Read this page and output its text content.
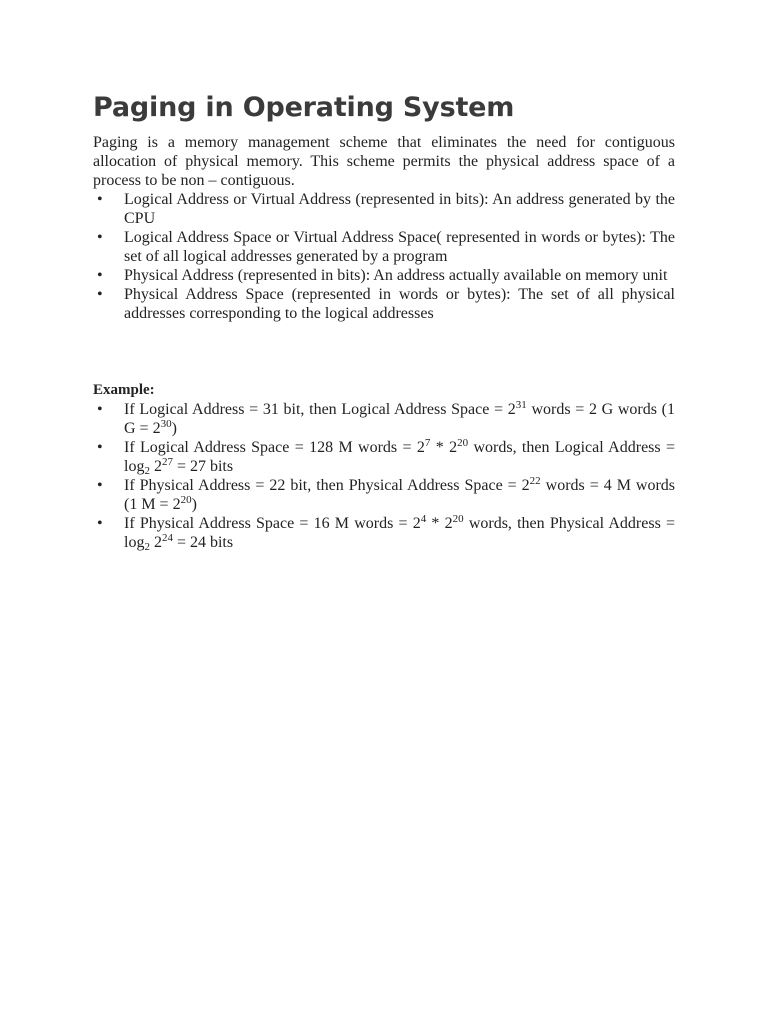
Paging in Operating System

Paging is a memory management scheme that eliminates the need for contiguous allocation of physical memory. This scheme permits the physical address space of a process to be non – contiguous.

• Logical Address or Virtual Address (represented in bits): An address generated by the CPU
• Logical Address Space or Virtual Address Space( represented in words or bytes): The set of all logical addresses generated by a program
• Physical Address (represented in bits): An address actually available on memory unit
• Physical Address Space (represented in words or bytes): The set of all physical addresses corresponding to the logical addresses

Example:

• If Logical Address = 31 bit, then Logical Address Space = $2^{31}$ words = 2 G words (1 $G = 2^{30}$)
• If Logical Address Space = 128 M words = $2^7 * 2^{20}$ words, then Logical Address = $\log_2 2^{27} = 27$ bits
• If Physical Address = 22 bit, then Physical Address Space = $2^{22}$ words = 4 M words (1 $M = 2^{20}$)
• If Physical Address Space = 16 M words = $2^4 * 2^{20}$ words, then Physical Address = $\log_2 2^{24} = 24$ bits
